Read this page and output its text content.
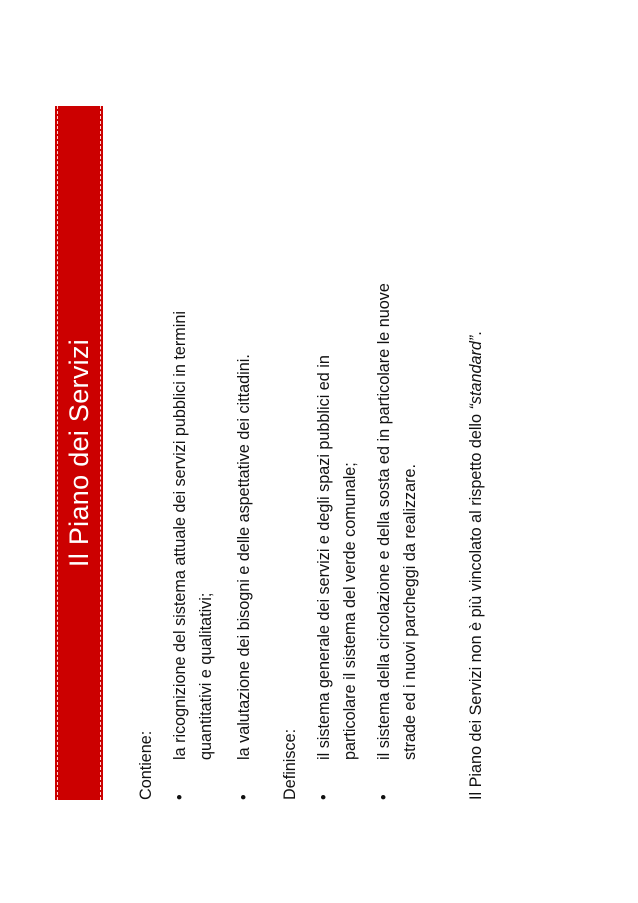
Il Piano dei Servizi

Contiene: •
la ricognizione del sistema attuale dei servizi pubblici in termini quantitativi e qualitativi;
•
la valutazione dei bisogni e delle aspettative dei cittadini.

Definisce: •
il sistema generale dei servizi e degli spazi pubblici ed in particolare il sistema del verde comunale;
•
il sistema della circolazione e della sosta ed in particolare le nuove strade ed i nuovi parcheggi da realizzare.	Il Piano dei Servizi non è più vincolato al rispetto dello “standard”.
